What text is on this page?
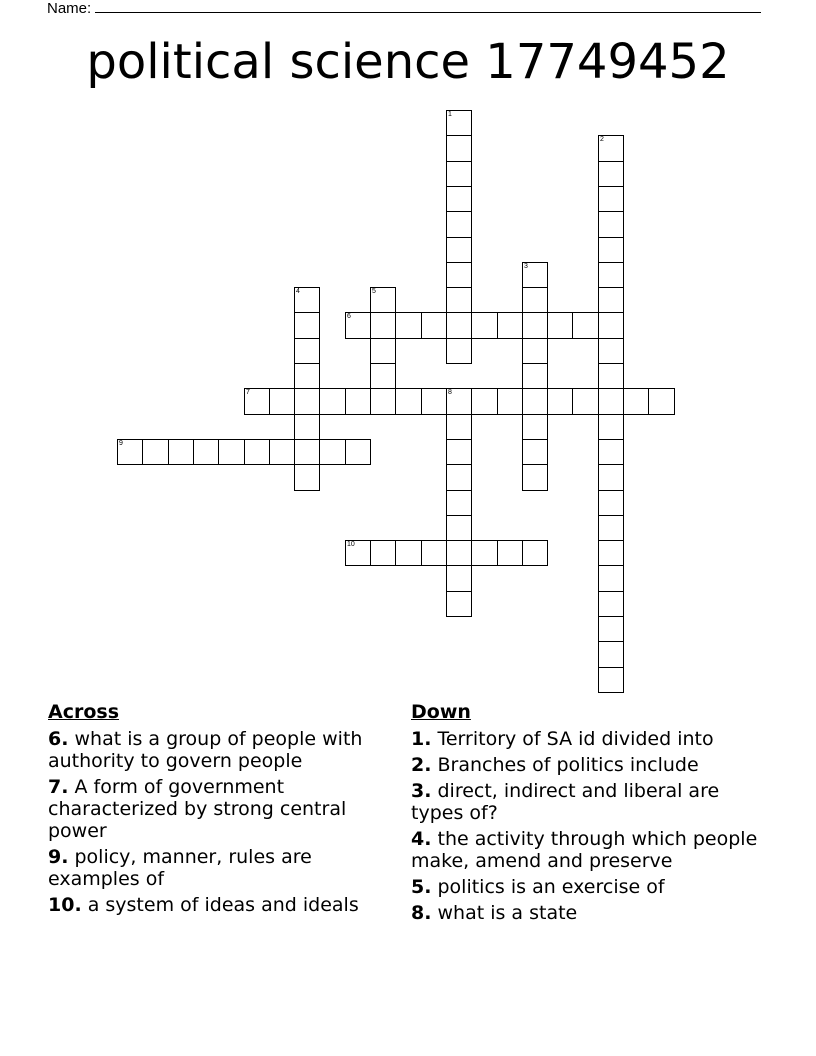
Name:
political science 17749452
1
2
3
4	5
6
7	8
9
10
Across
6. what is a group of people with authority to govern people
7. A form of government characterized by strong central power
9. policy, manner, rules are examples of
10. a system of ideas and ideals
Down
1. Territory of SA id divided into
2. Branches of politics include
3. direct, indirect and liberal are types of?
4. the activity through which people make, amend and preserve
5. politics is an exercise of
8. what is a state
